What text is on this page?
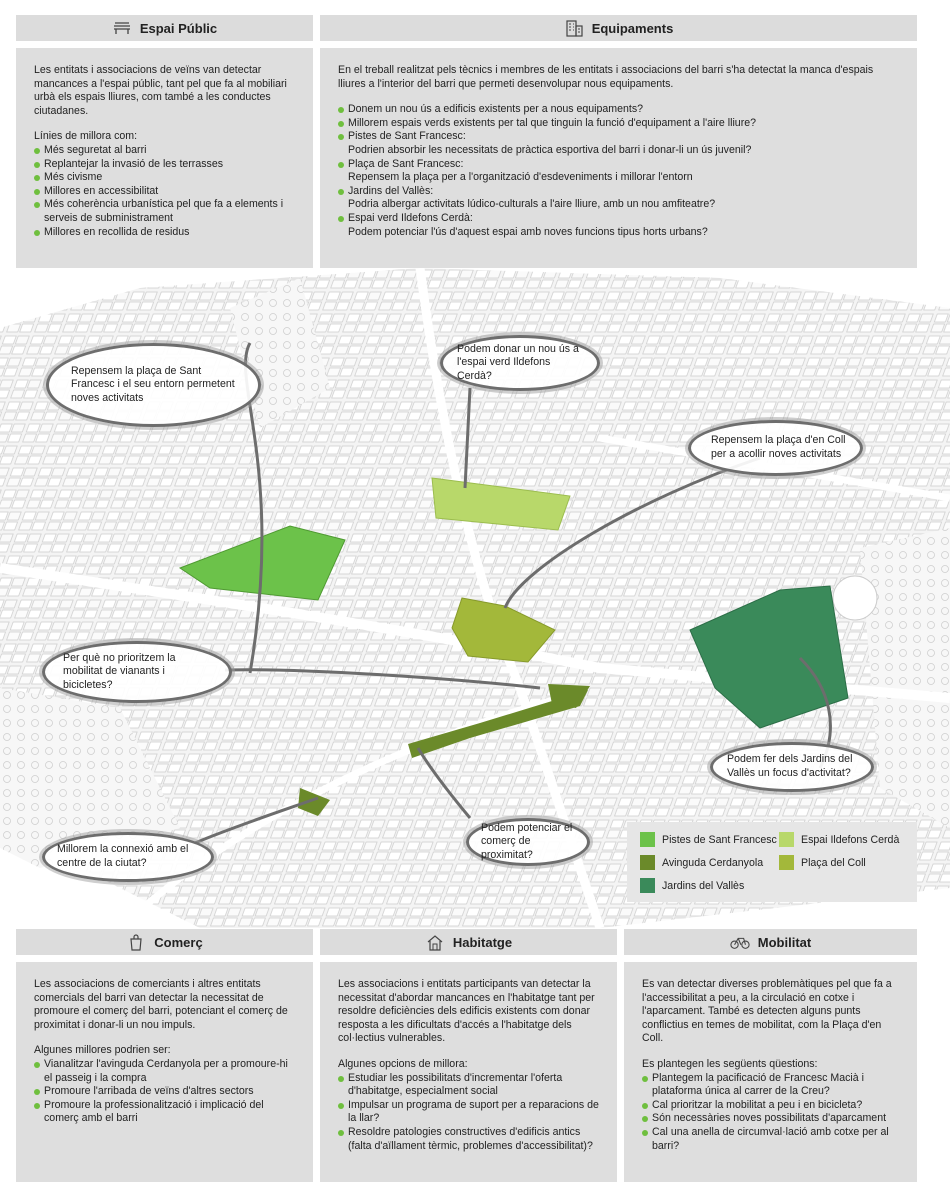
Espai Públic	Equipaments

Les entitats i associacions de veïns van detectar mancances a l'espai públic, tant pel que fa al mobiliari urbà els espais lliures, com també a les conductes ciutadanes.

Línies de millora com:
Més seguretat al barri
Replantejar la invasió de les terrasses
Més civisme
Millores en accessibilitat
Més coherència urbanística pel que fa a elements i serveis de subministrament
Millores en recollida de residus

En el treball realitzat pels tècnics i membres de les entitats i associacions del barri s'ha detectat la manca d'espais lliures a l'interior del barri que permeti desenvolupar nous equipaments.

Donem un nou ús a edificis existents per a nous equipaments?
Millorem espais verds existents per tal que tinguin la funció d'equipament a l'aire lliure?
Pistes de Sant Francesc:
Podrien absorbir les necessitats de pràctica esportiva del barri i donar-li un ús juvenil?
Plaça de Sant Francesc:
Repensem la plaça per a l'organització d'esdeveniments i millorar l'entorn
Jardins del Vallès:
Podria albergar activitats lúdico-culturals a l'aire lliure, amb un nou amfiteatre?
Espai verd Ildefons Cerdà:
Podem potenciar l'ús d'aquest espai amb noves funcions tipus horts urbans?
Repensem la plaça de Sant Francesc i el seu entorn permetent noves activitats
Podem donar un nou ús a l'espai verd Ildefons Cerdà?
Repensem la plaça d'en Coll per a acollir noves activitats
Per què no prioritzem la mobilitat de vianants i bicicletes?
Podem fer dels Jardins del Vallès un focus d'activitat?
Millorem la connexió amb el centre de la ciutat?
Podem potenciar el comerç de proximitat?
Pistes de Sant Francesc Espai Ildefons Cerdà
Avinguda Cerdanyola	Plaça del Coll
Jardins del Vallès
Comerç	Habitatge	Mobilitat

Les associacions de comerciants i altres entitats comercials del barri van detectar la necessitat de promoure el comerç del barri, potenciant el comerç de proximitat i donar-li un nou impuls.

Algunes millores podrien ser:
Vianalitzar l'avinguda Cerdanyola per a promoure-hi el passeig i la compra
Promoure l'arribada de veïns d'altres sectors
Promoure la professionalització i implicació del comerç amb el barri

Les associacions i entitats participants van detectar la necessitat d'abordar mancances en l'habitatge tant per resoldre deficiències dels edificis existents com donar resposta a les dificultats d'accés a l'habitatge dels col·lectius vulnerables.

Algunes opcions de millora:
Estudiar les possibilitats d'incrementar l'oferta d'habitatge, especialment social
Impulsar un programa de suport per a reparacions de la llar?
Resoldre patologies constructives d'edificis antics (falta d'aïllament tèrmic, problemes d'accessibilitat)?

Es van detectar diverses problemàtiques pel que fa a l'accessibilitat a peu, a la circulació en cotxe i l'aparcament. També es detecten alguns punts conflictius en temes de mobilitat, com la Plaça d'en Coll.

Es plantegen les següents qüestions:
Plantegem la pacificació de Francesc Macià i plataforma única al carrer de la Creu?
Cal prioritzar la mobilitat a peu i en bicicleta?
Són necessàries noves possibilitats d'aparcament
Cal una anella de circumval·lació amb cotxe per al barri?
